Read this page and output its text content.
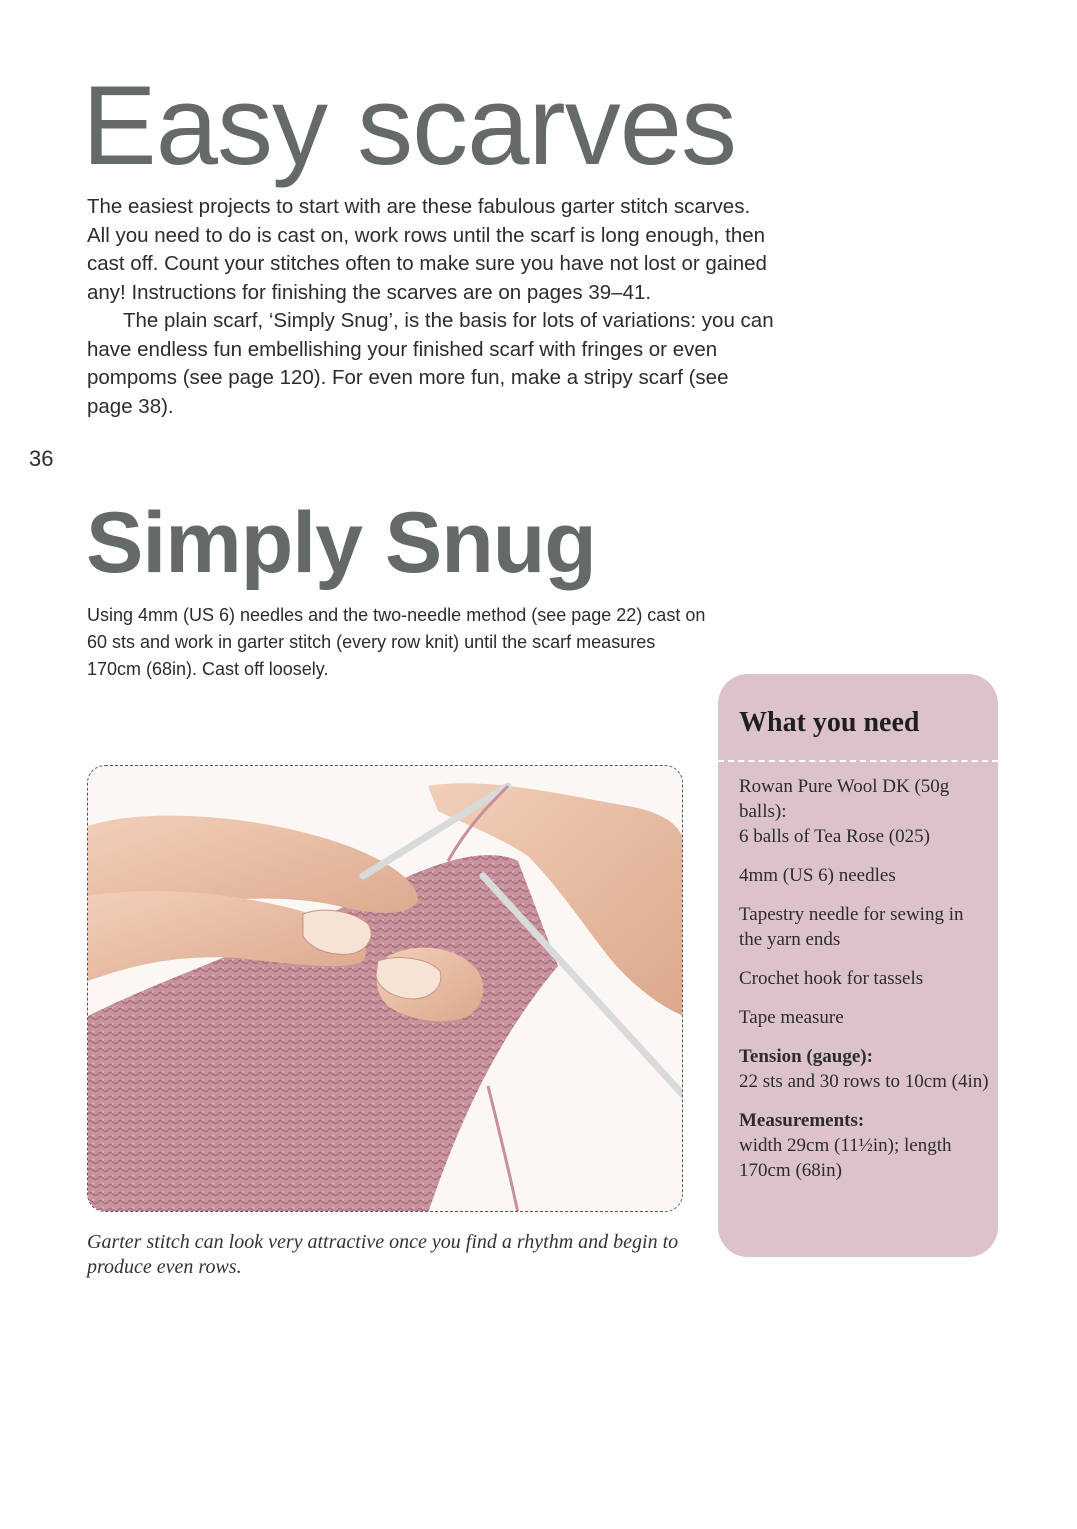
Easy scarves

The easiest projects to start with are these fabulous garter stitch scarves. All you need to do is cast on, work rows until the scarf is long enough, then cast off. Count your stitches often to make sure you have not lost or gained any! Instructions for finishing the scarves are on pages 39–41.

The plain scarf, ‘Simply Snug’, is the basis for lots of variations: you can have endless fun embellishing your finished scarf with fringes or even pompoms (see page 120). For even more fun, make a stripy scarf (see page 38).

36
Simply Snug

Using 4mm (US 6) needles and the two-needle method (see page 22) cast on 60 sts and work in garter stitch (every row knit) until the scarf measures 170cm (68in). Cast off loosely.

Garter stitch can look very attractive once you find a rhythm and begin to produce even rows.

What you need

Rowan Pure Wool DK (50g balls):

6 balls of Tea Rose (025)

4mm (US 6) needles

Tapestry needle for sewing in the yarn ends

Crochet hook for tassels

Tape measure

Tension (gauge):

22 sts and 30 rows to 10cm (4in)

Measurements:

width 29cm (11½in); length 170cm (68in)
